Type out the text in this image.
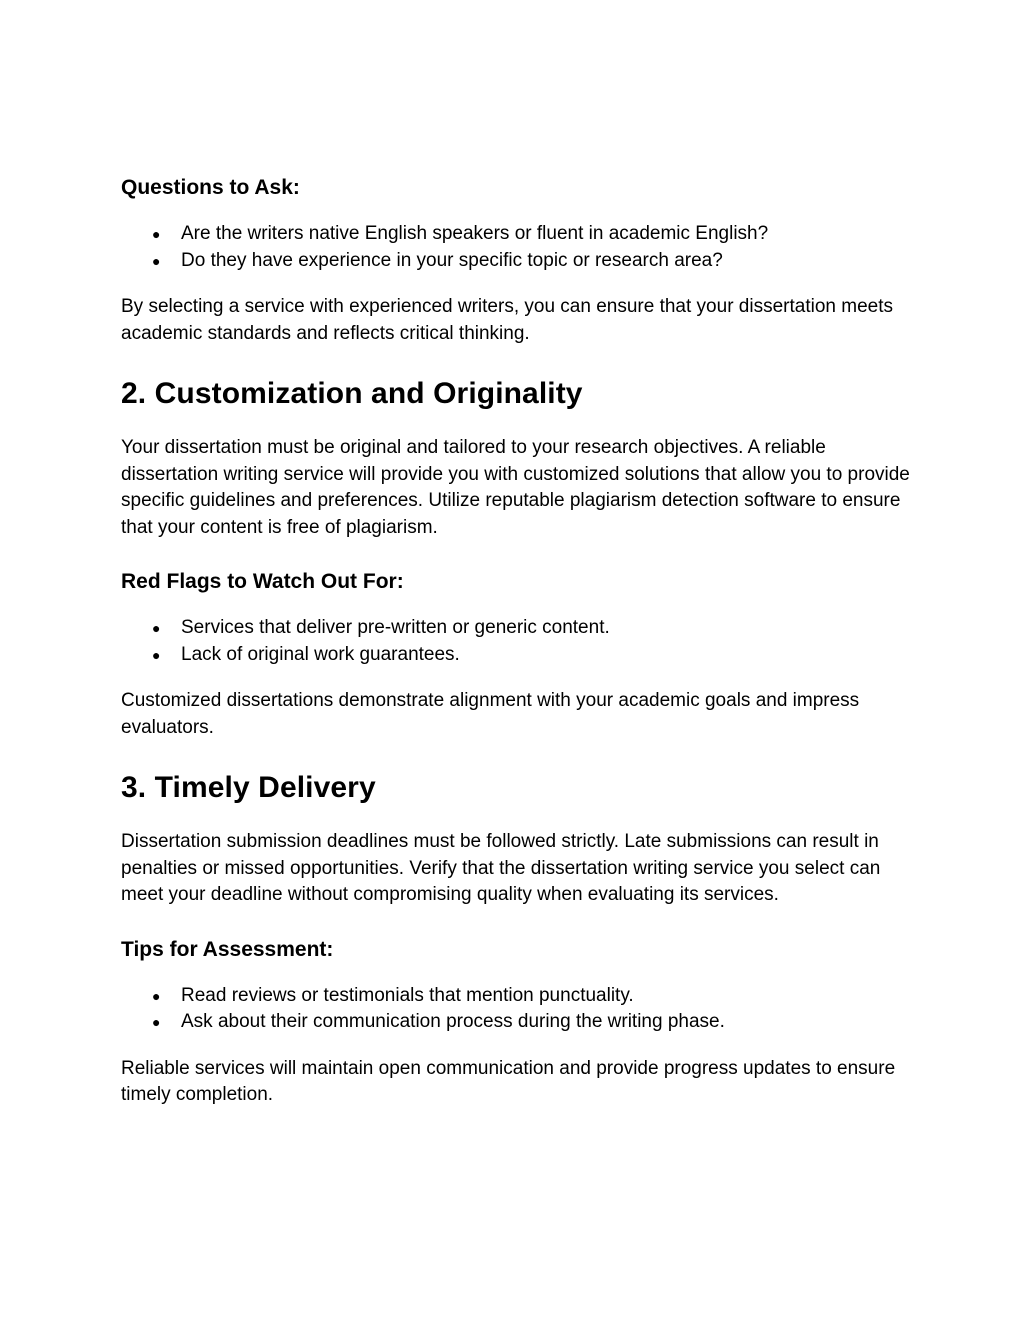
Questions to Ask:
● Are the writers native English speakers or fluent in academic English?
● Do they have experience in your specific topic or research area?

By selecting a service with experienced writers, you can ensure that your dissertation meets academic standards and reflects critical thinking.

2. Customization and Originality

Your dissertation must be original and tailored to your research objectives. A reliable dissertation writing service will provide you with customized solutions that allow you to provide specific guidelines and preferences. Utilize reputable plagiarism detection software to ensure that your content is free of plagiarism.

Red Flags to Watch Out For:
● Services that deliver pre-written or generic content.
● Lack of original work guarantees.

Customized dissertations demonstrate alignment with your academic goals and impress evaluators.

3. Timely Delivery

Dissertation submission deadlines must be followed strictly. Late submissions can result in penalties or missed opportunities. Verify that the dissertation writing service you select can meet your deadline without compromising quality when evaluating its services.

Tips for Assessment:
● Read reviews or testimonials that mention punctuality.
● Ask about their communication process during the writing phase.

Reliable services will maintain open communication and provide progress updates to ensure timely completion.
